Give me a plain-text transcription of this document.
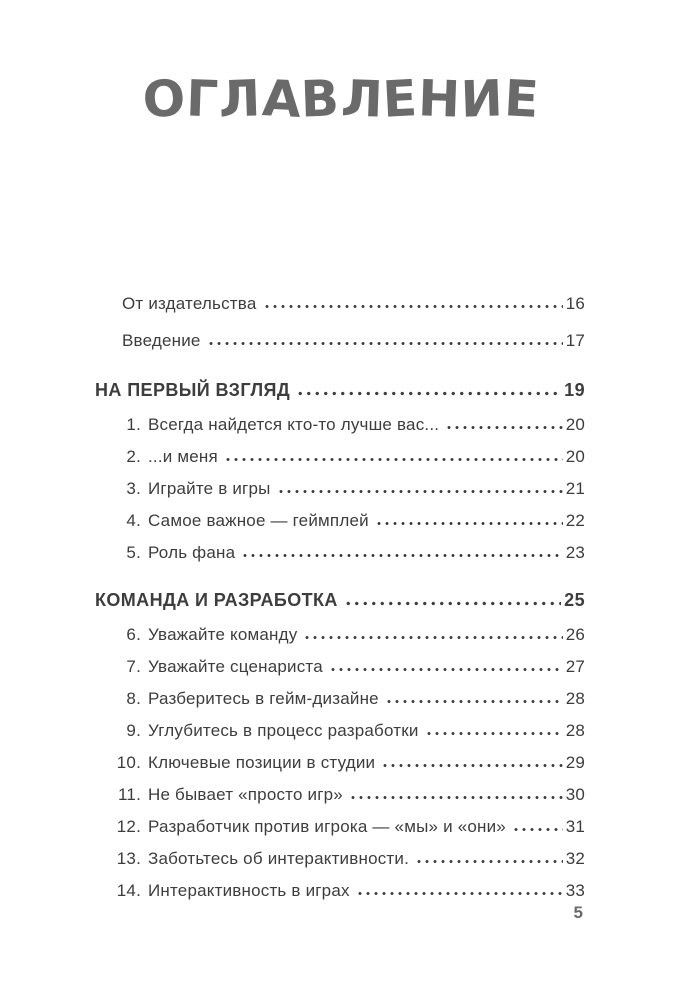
ОГЛАВЛЕНИЕ
От издательства	16
Введение	17
НА ПЕРВЫЙ ВЗГЛЯД	19
1. Всегда найдется кто-то лучше вас...	20
2. ...и меня	20
3. Играйте в игры	21
4. Самое важное — геймплей	22
5. Роль фана	23
КОМАНДА И РАЗРАБОТКА	25
6. Уважайте команду	26
7. Уважайте сценариста	27
8. Разберитесь в гейм-дизайне	28
9. Углубитесь в процесс разработки	28
10. Ключевые позиции в студии	29
11. Не бывает «просто игр»	30
12. Разработчик против игрока — «мы» и «они»	31
13. Заботьтесь об интерактивности.	32
14. Интерактивность в играх	33
5
